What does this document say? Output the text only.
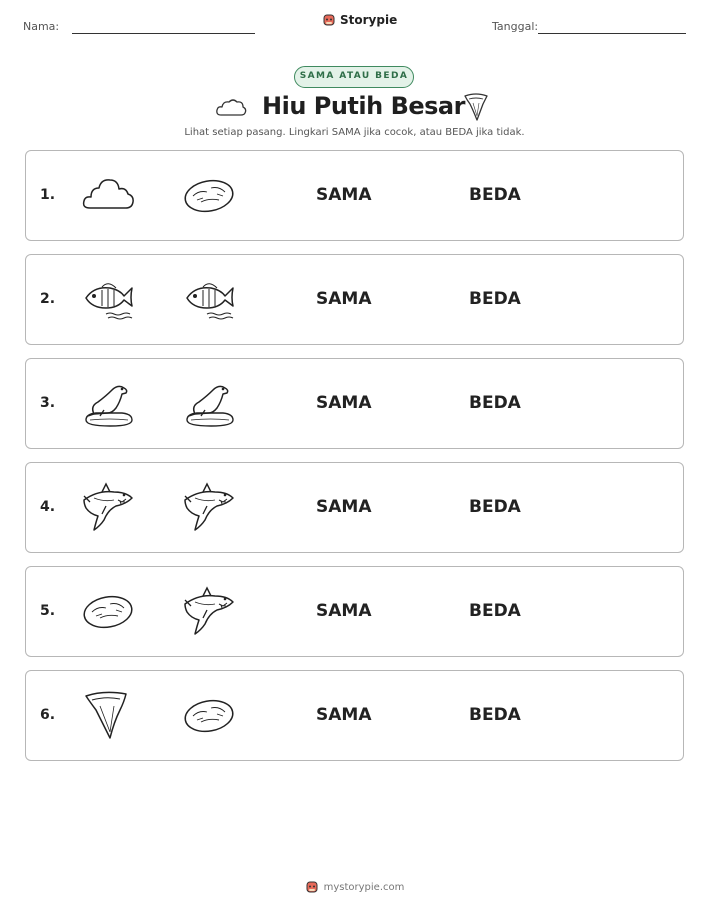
Nama:	Storypie	Tanggal:
SAMA ATAU BEDA
Hiu Putih Besar
Lihat setiap pasang. Lingkari SAMA jika cocok, atau BEDA jika tidak.
1.	SAMA	BEDA
2.	SAMA	BEDA
3.	SAMA	BEDA
4.	SAMA	BEDA
5.	SAMA	BEDA
6.	SAMA	BEDA
mystorypie.com
